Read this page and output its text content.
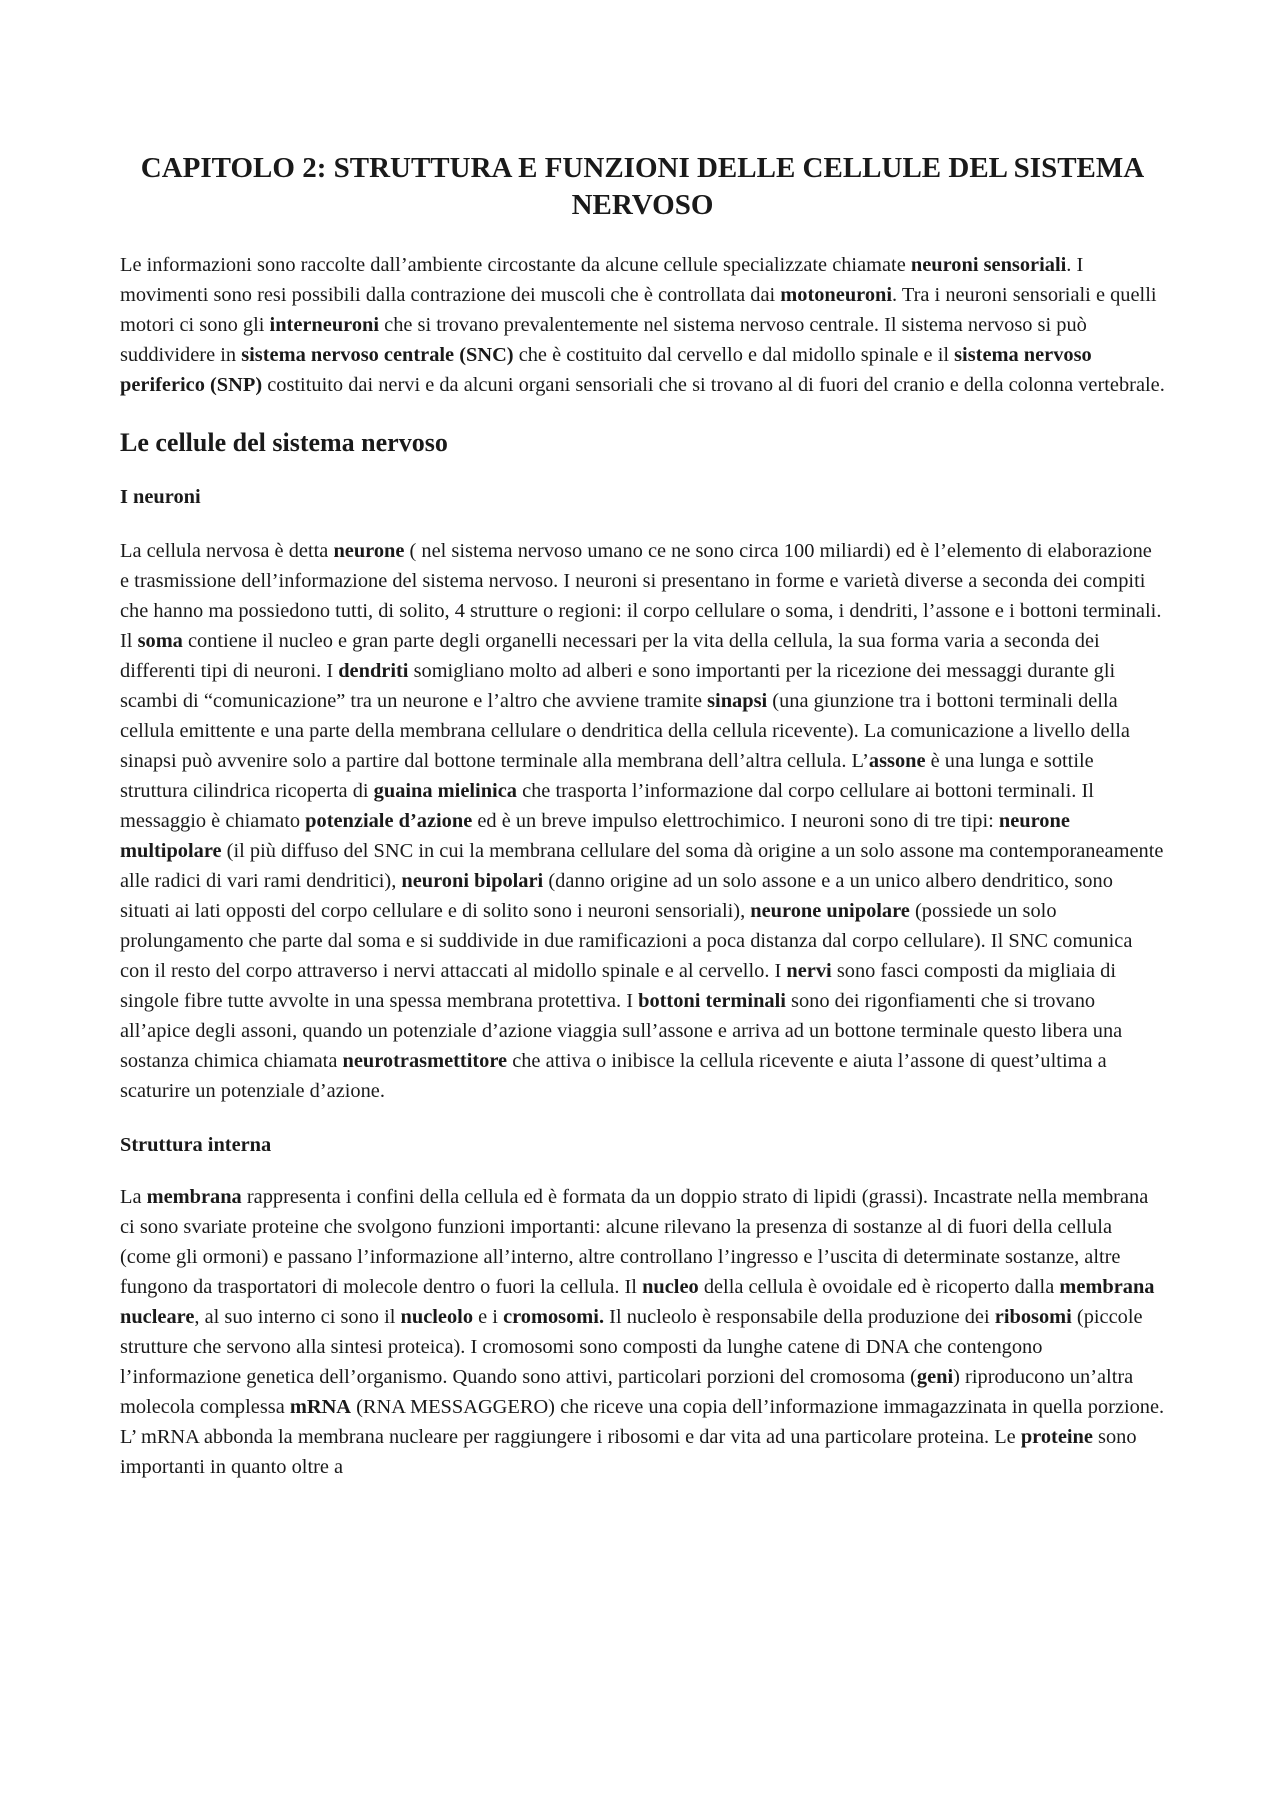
CAPITOLO 2: STRUTTURA E FUNZIONI DELLE CELLULE DEL SISTEMA NERVOSO

Le informazioni sono raccolte dall’ambiente circostante da alcune cellule specializzate chiamate neuroni sensoriali. I movimenti sono resi possibili dalla contrazione dei muscoli che è controllata dai motoneuroni. Tra i neuroni sensoriali e quelli motori ci sono gli interneuroni che si trovano prevalentemente nel sistema nervoso centrale. Il sistema nervoso si può suddividere in sistema nervoso centrale (SNC) che è costituito dal cervello e dal midollo spinale e il sistema nervoso periferico (SNP) costituito dai nervi e da alcuni organi sensoriali che si trovano al di fuori del cranio e della colonna vertebrale.

Le cellule del sistema nervoso
I neuroni

La cellula nervosa è detta neurone ( nel sistema nervoso umano ce ne sono circa 100 miliardi) ed è l’elemento di elaborazione e trasmissione dell’informazione del sistema nervoso. I neuroni si presentano in forme e varietà diverse a seconda dei compiti che hanno ma possiedono tutti, di solito, 4 strutture o regioni: il corpo cellulare o soma, i dendriti, l’assone e i bottoni terminali. Il soma contiene il nucleo e gran parte degli organelli necessari per la vita della cellula, la sua forma varia a seconda dei differenti tipi di neuroni. I dendriti somigliano molto ad alberi e sono importanti per la ricezione dei messaggi durante gli scambi di “comunicazione” tra un neurone e l’altro che avviene tramite sinapsi (una giunzione tra i bottoni terminali della cellula emittente e una parte della membrana cellulare o dendritica della cellula ricevente). La comunicazione a livello della sinapsi può avvenire solo a partire dal bottone terminale alla membrana dell’altra cellula. L’assone è una lunga e sottile struttura cilindrica ricoperta di guaina mielinica che trasporta l’informazione dal corpo cellulare ai bottoni terminali. Il messaggio è chiamato potenziale d’azione ed è un breve impulso elettrochimico. I neuroni sono di tre tipi: neurone multipolare (il più diffuso del SNC in cui la membrana cellulare del soma dà origine a un solo assone ma contemporaneamente alle radici di vari rami dendritici), neuroni bipolari (danno origine ad un solo assone e a un unico albero dendritico, sono situati ai lati opposti del corpo cellulare e di solito sono i neuroni sensoriali), neurone unipolare (possiede un solo prolungamento che parte dal soma e si suddivide in due ramificazioni a poca distanza dal corpo cellulare). Il SNC comunica con il resto del corpo attraverso i nervi attaccati al midollo spinale e al cervello. I nervi sono fasci composti da migliaia di singole fibre tutte avvolte in una spessa membrana protettiva. I bottoni terminali sono dei rigonfiamenti che si trovano all’apice degli assoni, quando un potenziale d’azione viaggia sull’assone e arriva ad un bottone terminale questo libera una sostanza chimica chiamata neurotrasmettitore che attiva o inibisce la cellula ricevente e aiuta l’assone di quest’ultima a scaturire un potenziale d’azione.

Struttura interna

La membrana rappresenta i confini della cellula ed è formata da un doppio strato di lipidi (grassi). Incastrate nella membrana ci sono svariate proteine che svolgono funzioni importanti: alcune rilevano la presenza di sostanze al di fuori della cellula (come gli ormoni) e passano l’informazione all’interno, altre controllano l’ingresso e l’uscita di determinate sostanze, altre fungono da trasportatori di molecole dentro o fuori la cellula. Il nucleo della cellula è ovoidale ed è ricoperto dalla membrana nucleare, al suo interno ci sono il nucleolo e i cromosomi. Il nucleolo è responsabile della produzione dei ribosomi (piccole strutture che servono alla sintesi proteica). I cromosomi sono composti da lunghe catene di DNA che contengono l’informazione genetica dell’organismo. Quando sono attivi, particolari porzioni del cromosoma (geni) riproducono un’altra molecola complessa mRNA (RNA MESSAGGERO) che riceve una copia dell’informazione immagazzinata in quella porzione. L’ mRNA abbonda la membrana nucleare per raggiungere i ribosomi e dar vita ad una particolare proteina. Le proteine sono importanti in quanto oltre a
